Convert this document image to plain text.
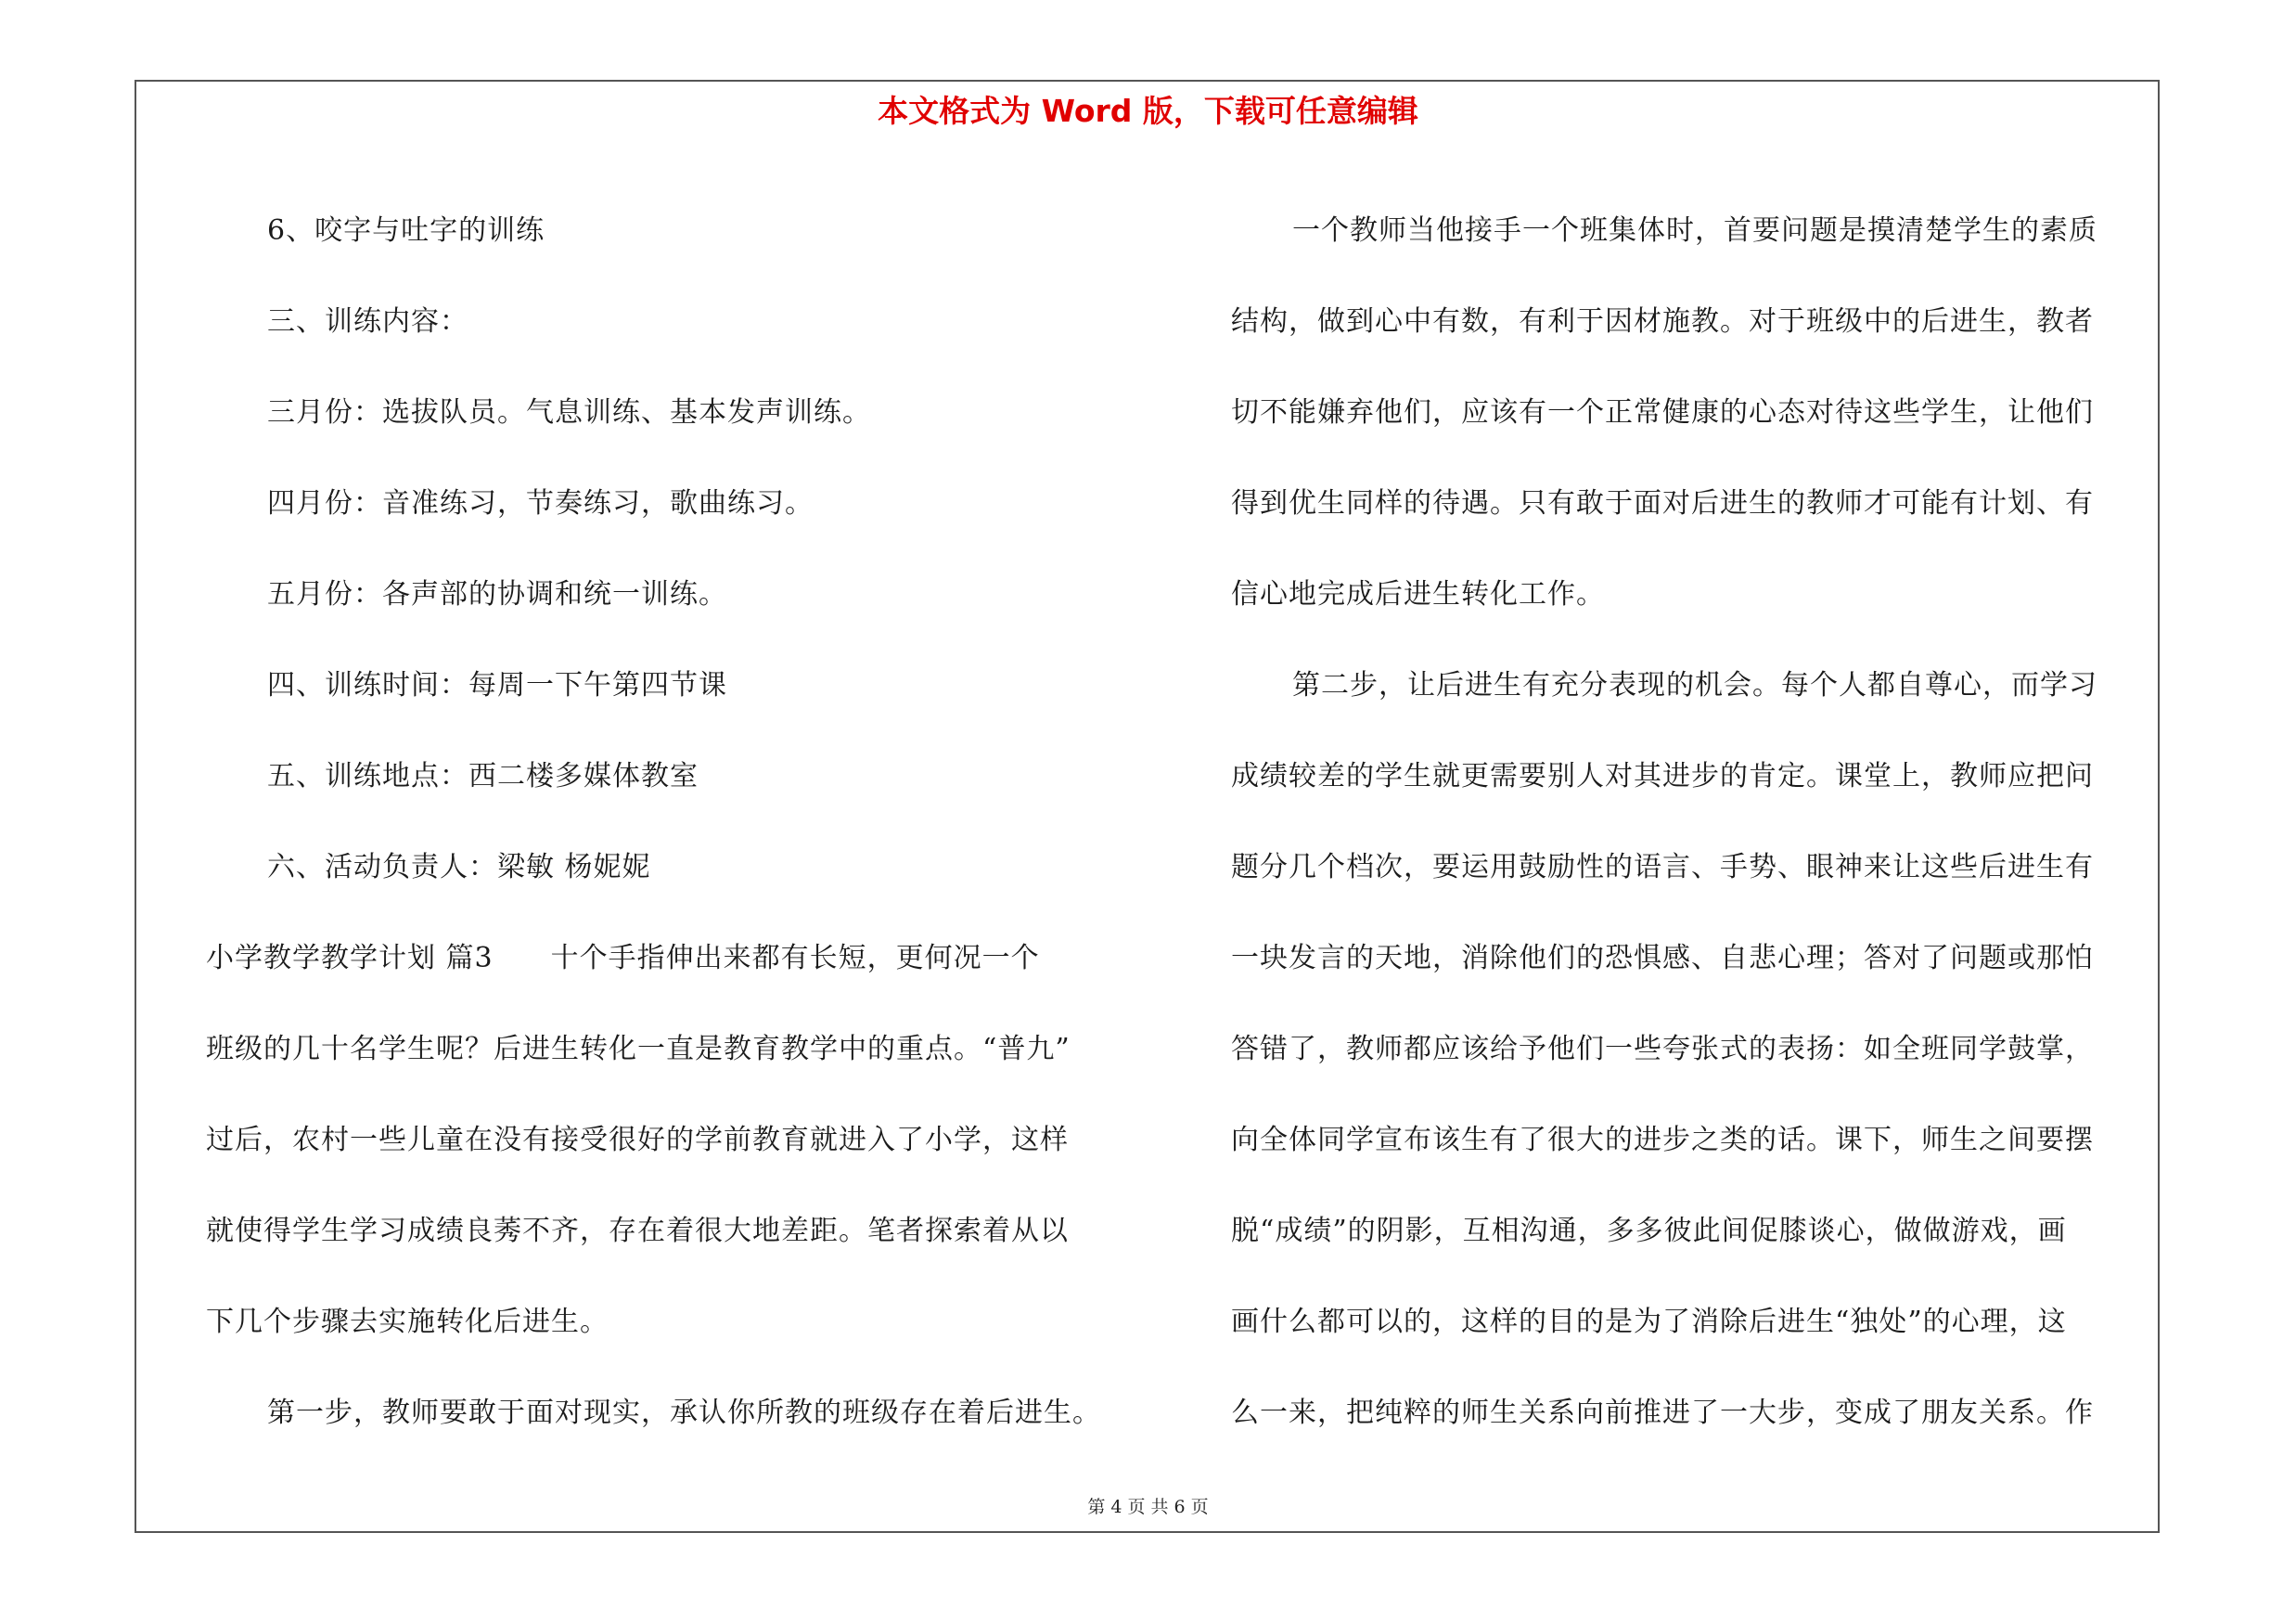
本文格式为 Word 版，下载可任意编辑

6、咬字与吐字的训练

三、训练内容：

三月份：选拔队员。气息训练、基本发声训练。

四月份：音准练习，节奏练习，歌曲练习。

五月份：各声部的协调和统一训练。

四、训练时间：每周一下午第四节课

五、训练地点：西二楼多媒体教室

六、活动负责人：梁敏 杨妮妮

小学教学教学计划 篇3　　十个手指伸出来都有长短，更何况一个

班级的几十名学生呢？后进生转化一直是教育教学中的重点。“普九”

过后，农村一些儿童在没有接受很好的学前教育就进入了小学，这样

就使得学生学习成绩良莠不齐，存在着很大地差距。笔者探索着从以

下几个步骤去实施转化后进生。

第一步，教师要敢于面对现实，承认你所教的班级存在着后进生。

一个教师当他接手一个班集体时，首要问题是摸清楚学生的素质

结构，做到心中有数，有利于因材施教。对于班级中的后进生，教者

切不能嫌弃他们，应该有一个正常健康的心态对待这些学生，让他们

得到优生同样的待遇。只有敢于面对后进生的教师才可能有计划、有

信心地完成后进生转化工作。

第二步，让后进生有充分表现的机会。每个人都自尊心，而学习

成绩较差的学生就更需要别人对其进步的肯定。课堂上，教师应把问

题分几个档次，要运用鼓励性的语言、手势、眼神来让这些后进生有

一块发言的天地，消除他们的恐惧感、自悲心理；答对了问题或那怕

答错了，教师都应该给予他们一些夸张式的表扬：如全班同学鼓掌，

向全体同学宣布该生有了很大的进步之类的话。课下，师生之间要摆

脱“成绩”的阴影，互相沟通，多多彼此间促膝谈心，做做游戏，画

画什么都可以的，这样的目的是为了消除后进生“独处”的心理，这

么一来，把纯粹的师生关系向前推进了一大步，变成了朋友关系。作

第 4 页 共 6 页
